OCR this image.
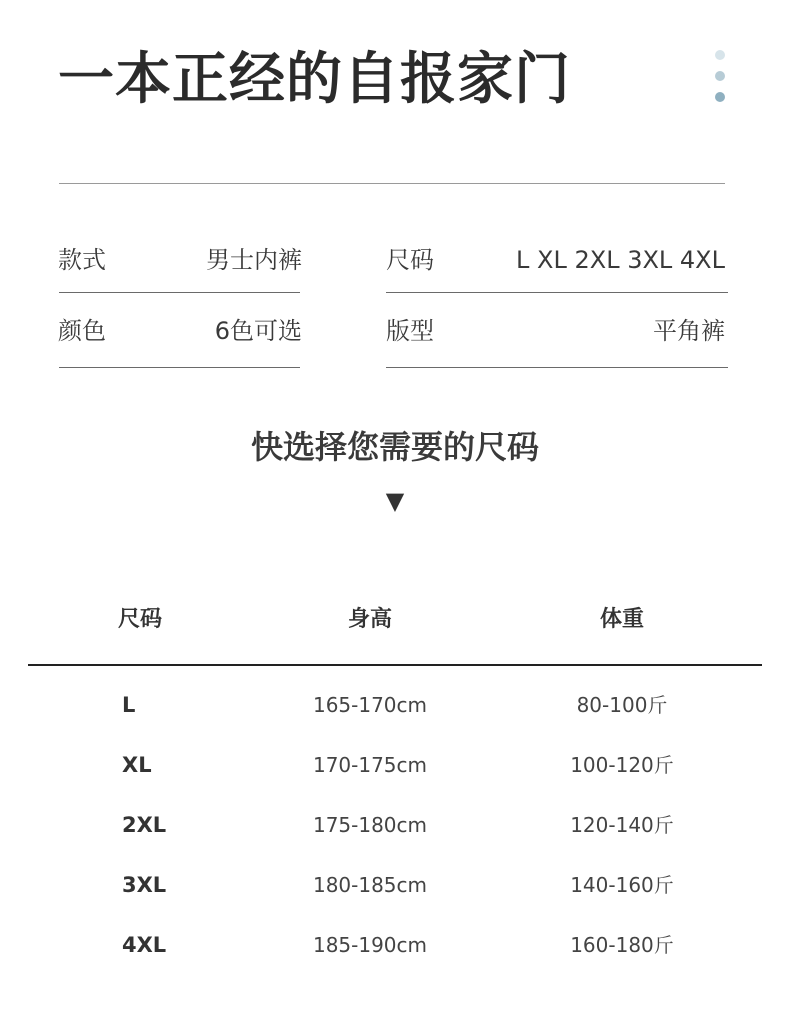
一本正经的自报家门
款式	男士内裤	尺码	L XL 2XL 3XL 4XL
颜色	6色可选	版型	平角裤
快选择您需要的尺码
▼
尺码	身高	体重
L	165-170cm	80-100斤
XL	170-175cm	100-120斤
2XL	175-180cm	120-140斤
3XL	180-185cm	140-160斤
4XL	185-190cm	160-180斤
